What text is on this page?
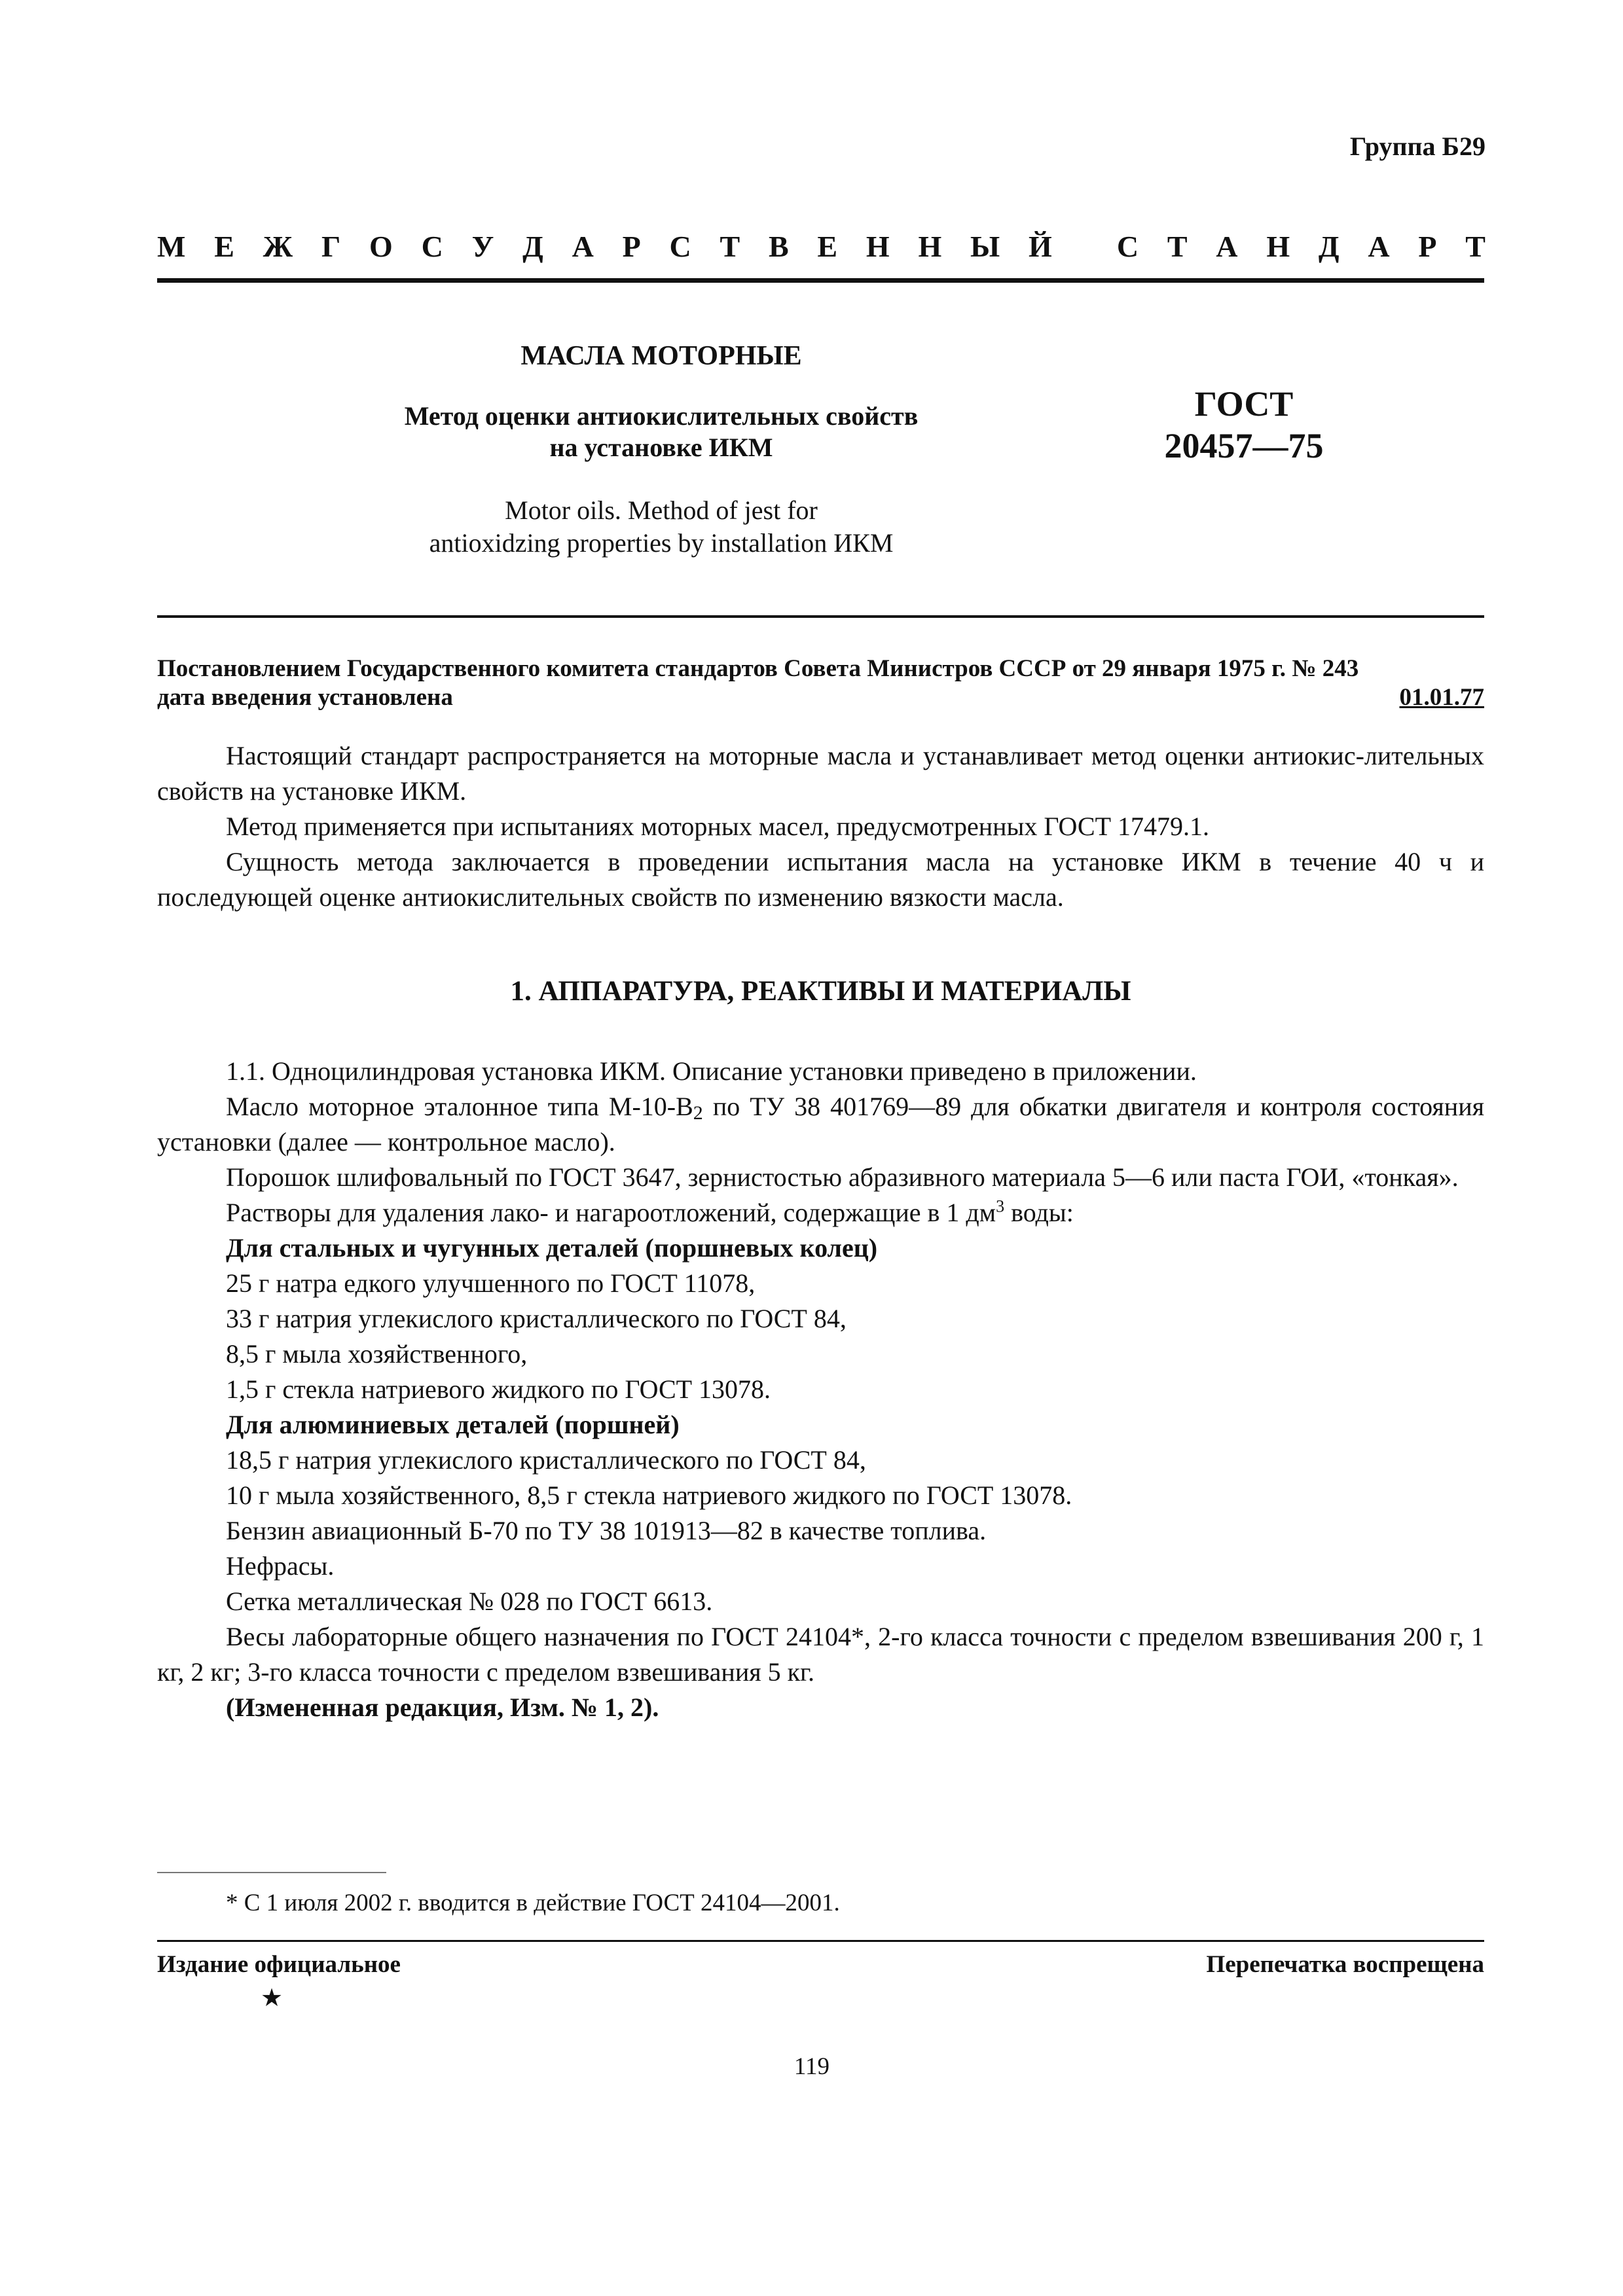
Группа Б29
М Е Ж Г О С У Д А Р С Т В Е Н Н Ы Й
С Т А Н Д А Р Т
МАСЛА МОТОРНЫЕ
Метод оценки антиокислительных свойств
на установке ИКМ
ГОСТ
20457—75
Motor oils. Method of jest for
antioxidzing properties by installation ИКМ
Постановлением Государственного комитета стандартов Совета Министров СССР от 29 января 1975 г. № 243
дата введения установлена	01.01.77

Настоящий стандарт распространяется на моторные масла и устанавливает метод оценки антиокис-лительных свойств на установке ИКМ.

Метод применяется при испытаниях моторных масел, предусмотренных ГОСТ 17479.1.

Сущность метода заключается в проведении испытания масла на установке ИКМ в течение 40 ч и последующей оценке антиокислительных свойств по изменению вязкости масла.

1. АППАРАТУРА, РЕАКТИВЫ И МАТЕРИАЛЫ

1.1. Одноцилиндровая установка ИКМ. Описание установки приведено в приложении.

Масло моторное эталонное типа $М-10-В_2$ по ТУ 38 401769—89 для обкатки двигателя и контроля состояния установки (далее — контрольное масло).

Порошок шлифовальный по ГОСТ 3647, зернистостью абразивного материала 5—6 или паста ГОИ, «тонкая».

Растворы для удаления лако- и нагароотложений, содержащие в 1 $дм^3$ воды:

Для стальных и чугунных деталей (поршневых колец)

25 г натра едкого улучшенного по ГОСТ 11078,

33 г натрия углекислого кристаллического по ГОСТ 84,

8,5 г мыла хозяйственного,

1,5 г стекла натриевого жидкого по ГОСТ 13078.

Для алюминиевых деталей (поршней)

18,5 г натрия углекислого кристаллического по ГОСТ 84,

10 г мыла хозяйственного, 8,5 г стекла натриевого жидкого по ГОСТ 13078.

Бензин авиационный Б-70 по ТУ 38 101913—82 в качестве топлива.

Нефрасы.

Сетка металлическая № 028 по ГОСТ 6613.

Весы лабораторные общего назначения по ГОСТ 24104*, 2-го класса точности с пределом взвешивания 200 г, 1 кг, 2 кг; 3-го класса точности с пределом взвешивания 5 кг.

(Измененная редакция, Изм. № 1, 2).

* С 1 июля 2002 г. вводится в действие ГОСТ 24104—2001.
Издание официальное	Перепечатка воспрещена
★
119
